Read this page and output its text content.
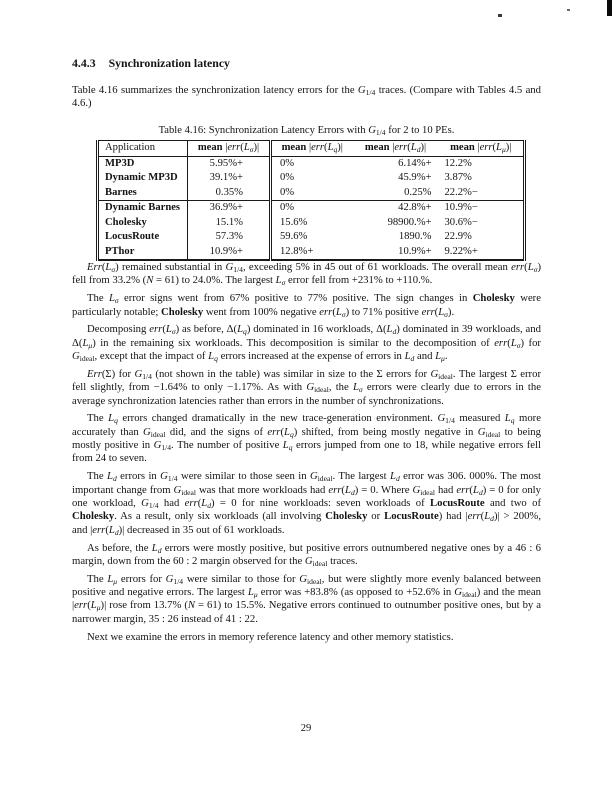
4.4.3 Synchronization latency
Table 4.16 summarizes the synchronization latency errors for the $G_{1/4}$ traces. (Compare with Tables 4.5 and 4.6.)
Table 4.16: Synchronization Latency Errors with $G_{1/4}$ for 2 to 10 PEs.
Application	mean $|err(L_\sigma)|$	mean $|err(L_q)|$	mean $|err(L_d)|$	mean $|err(L_\mu)|$
MP3D	5.95%+	0%	6.14%+	12.2%
Dynamic MP3D	39.1%+	0%	45.9%+	3.87%
Barnes	0.35%	0%	0.25%	22.2%−
Dynamic Barnes	36.9%+	0%	42.8%+	10.9%−
Cholesky	15.1%	15.6%	98900.%+	30.6%−
LocusRoute	57.3%	59.6%	1890.%	22.9%
PThor	10.9%+	12.8%+	10.9%+	9.22%+

$Err(L_\sigma)$ remained substantial in $G_{1/4}$, exceeding 5% in 45 out of 61 workloads. The overall mean $err(L_\sigma)$ fell from 33.2% (N = 61) to 24.0%. The largest $L_\sigma$ error fell from +231% to +110.%.

The $L_\sigma$ error signs went from 67% positive to 77% positive. The sign changes in Cholesky were particularly notable; Cholesky went from 100% negative $err(L_\sigma)$ to 71% positive $err(L_\sigma)$.

Decomposing $err(L_\sigma)$ as before, $\Delta(L_q)$ dominated in 16 workloads, $\Delta(L_d)$ dominated in 39 workloads, and $\Delta(L_\mu)$ in the remaining six workloads. This decomposition is similar to the decomposition of $err(L_\sigma)$ for $G_{ideal}$, except that the impact of $L_q$ errors increased at the expense of errors in $L_d$ and $L_\mu$.

Err(Σ) for $G_{1/4}$ (not shown in the table) was similar in size to the Σ errors for $G_{ideal}$. The largest Σ error fell slightly, from −1.64% to only −1.17%. As with $G_{ideal}$, the $L_\sigma$ errors were clearly due to errors in the average synchronization latencies rather than errors in the number of synchronizations.

The $L_q$ errors changed dramatically in the new trace-generation environment. $G_{1/4}$ measured $L_q$ more accurately than $G_{ideal}$ did, and the signs of $err(L_q)$ shifted, from being mostly negative in $G_{ideal}$ to being mostly positive in $G_{1/4}$. The number of positive $L_q$ errors jumped from one to 18, while negative errors fell from 24 to seven.

The $L_d$ errors in $G_{1/4}$ were similar to those seen in $G_{ideal}$. The largest $L_d$ error was 306. 000%. The most important change from $G_{ideal}$ was that more workloads had $err(L_d) = 0$. Where $G_{ideal}$ had $err(L_d) = 0$ for only one workload, $G_{1/4}$ had $err(L_d) = 0$ for nine workloads: seven workloads of LocusRoute and two of Cholesky. As a result, only six workloads (all involving Cholesky or LocusRoute) had $|err(L_d)| > 200\%$, and $|err(L_d)|$ decreased in 35 out of 61 workloads.

As before, the $L_d$ errors were mostly positive, but positive errors outnumbered negative ones by a 46 : 6 margin, down from the 60 : 2 margin observed for the $G_{ideal}$ traces.

The $L_\mu$ errors for $G_{1/4}$ were similar to those for $G_{ideal}$, but were slightly more evenly balanced between positive and negative errors. The largest $L_\mu$ error was +83.8% (as opposed to +52.6% in $G_{ideal}$) and the mean $|err(L_\mu)|$ rose from 13.7% (N = 61) to 15.5%. Negative errors continued to outnumber positive ones, but by a narrower margin, 35 : 26 instead of 41 : 22.

Next we examine the errors in memory reference latency and other memory statistics.

29
